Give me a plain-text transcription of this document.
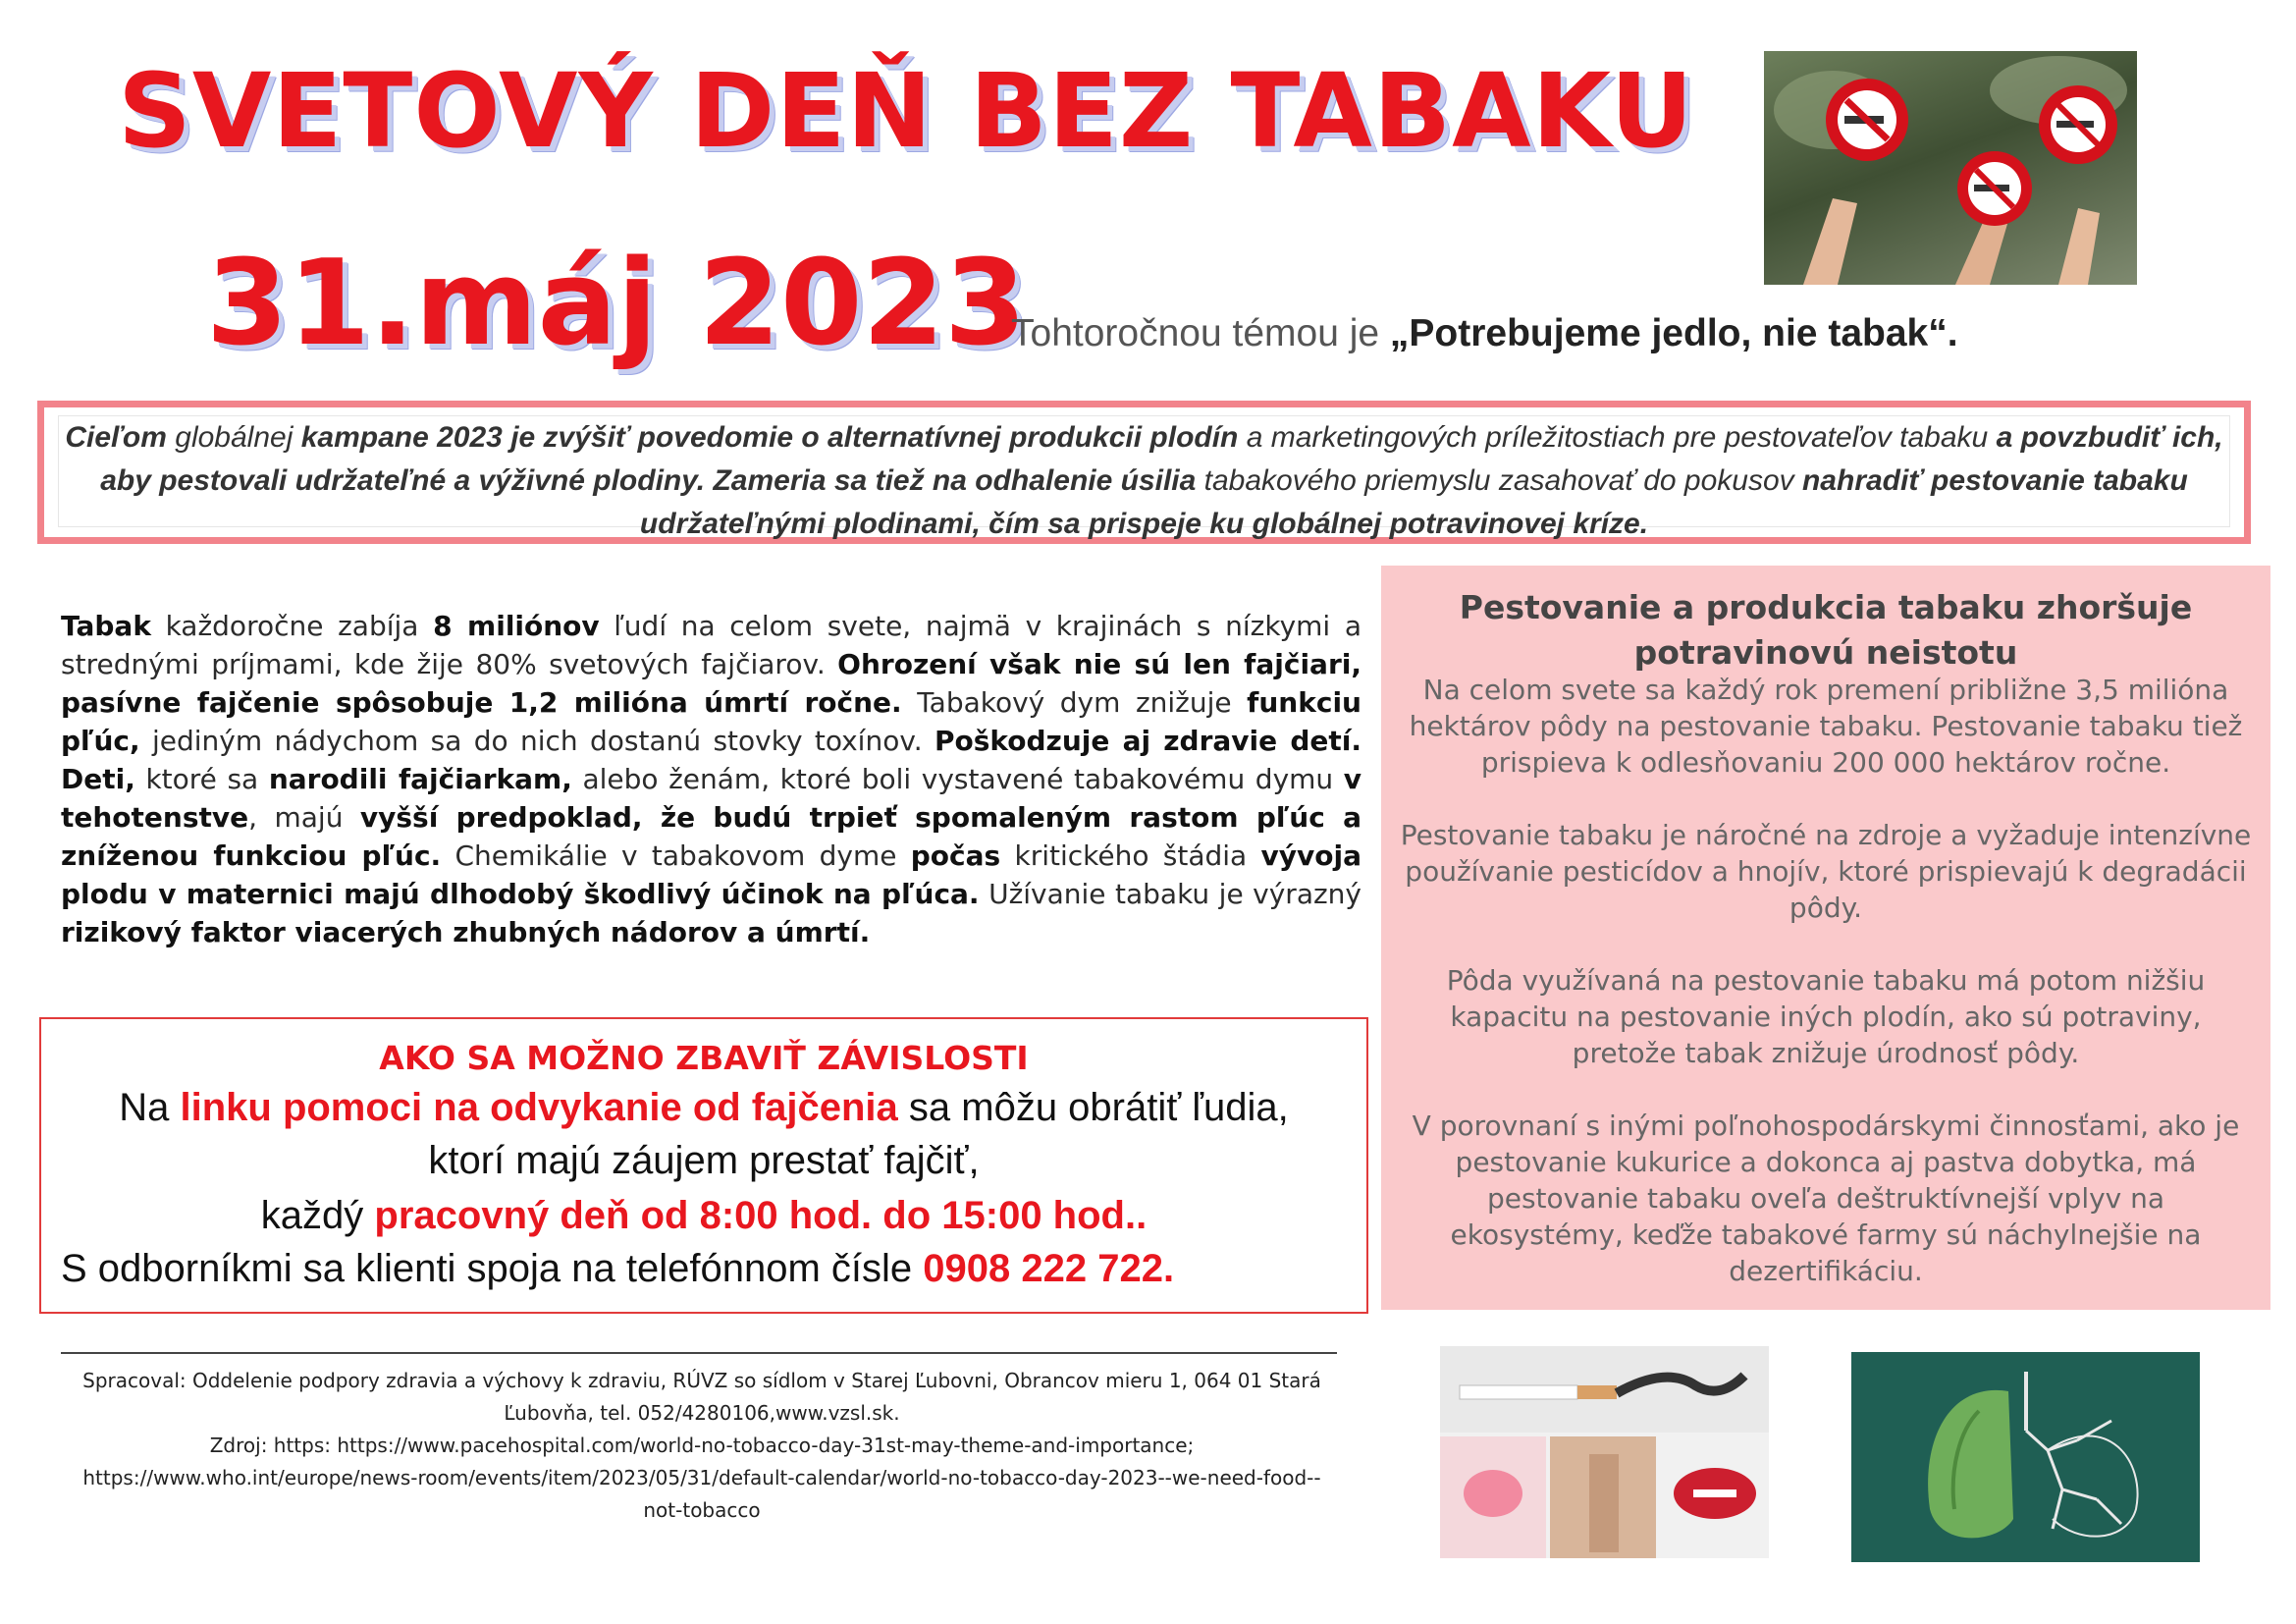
SVETOVÝ DEŇ BEZ TABAKU
31.máj 2023
Tohtoročnou témou je „Potrebujeme jedlo, nie tabak“.
Cieľom globálnej kampane 2023 je zvýšiť povedomie o alternatívnej produkcii plodín a marketingových príležitostiach pre pestovateľov tabaku a povzbudiť ich, aby pestovali udržateľné a výživné plodiny. Zameria sa tiež na odhalenie úsilia tabakového priemyslu zasahovať do pokusov nahradiť pestovanie tabaku udržateľnými plodinami, čím sa prispeje ku globálnej potravinovej kríze.
Tabak každoročne zabíja 8 miliónov ľudí na celom svete, najmä v krajinách s nízkymi a strednými príjmami, kde žije 80% svetových fajčiarov. Ohrození však nie sú len fajčiari, pasívne fajčenie spôsobuje 1,2 milióna úmrtí ročne. Tabakový dym znižuje funkciu pľúc, jediným nádychom sa do nich dostanú stovky toxínov. Poškodzuje aj zdravie detí. Deti, ktoré sa narodili fajčiarkam, alebo ženám, ktoré boli vystavené tabakovému dymu v tehotenstve, majú vyšší predpoklad, že budú trpieť spomaleným rastom pľúc a zníženou funkciou pľúc. Chemikálie v tabakovom dyme počas kritického štádia vývoja plodu v maternici majú dlhodobý škodlivý účinok na pľúca. Užívanie tabaku je výrazný rizikový faktor viacerých zhubných nádorov a úmrtí.
AKO SA MOŽNO ZBAVIŤ ZÁVISLOSTI
Na linku pomoci na odvykanie od fajčenia sa môžu obrátiť ľudia,
ktorí majú záujem prestať fajčiť,
každý pracovný deň od 8:00 hod. do 15:00 hod..
S odborníkmi sa klienti spoja na telefónnom čísle 0908 222 722.
Pestovanie a produkcia tabaku zhoršuje potravinovú neistotu
Na celom svete sa každý rok premení približne 3,5 milióna hektárov pôdy na pestovanie tabaku. Pestovanie tabaku tiež prispieva k odlesňovaniu 200 000 hektárov ročne.
Pestovanie tabaku je náročné na zdroje a vyžaduje intenzívne používanie pesticídov a hnojív, ktoré prispievajú k degradácii pôdy.
Pôda využívaná na pestovanie tabaku má potom nižšiu kapacitu na pestovanie iných plodín, ako sú potraviny, pretože tabak znižuje úrodnosť pôdy.
V porovnaní s inými poľnohospodárskymi činnosťami, ako je pestovanie kukurice a dokonca aj pastva dobytka, má pestovanie tabaku oveľa deštruktívnejší vplyv na ekosystémy, keďže tabakové farmy sú náchylnejšie na dezertifikáciu.
Spracoval: Oddelenie podpory zdravia a výchovy k zdraviu, RÚVZ so sídlom v Starej Ľubovni, Obrancov mieru 1, 064 01 Stará Ľubovňa, tel. 052/4280106,www.vzsl.sk.
Zdroj: https: https://www.pacehospital.com/world-no-tobacco-day-31st-may-theme-and-importance; https://www.who.int/europe/news-room/events/item/2023/05/31/default-calendar/world-no-tobacco-day-2023--we-need-food--not-tobacco
